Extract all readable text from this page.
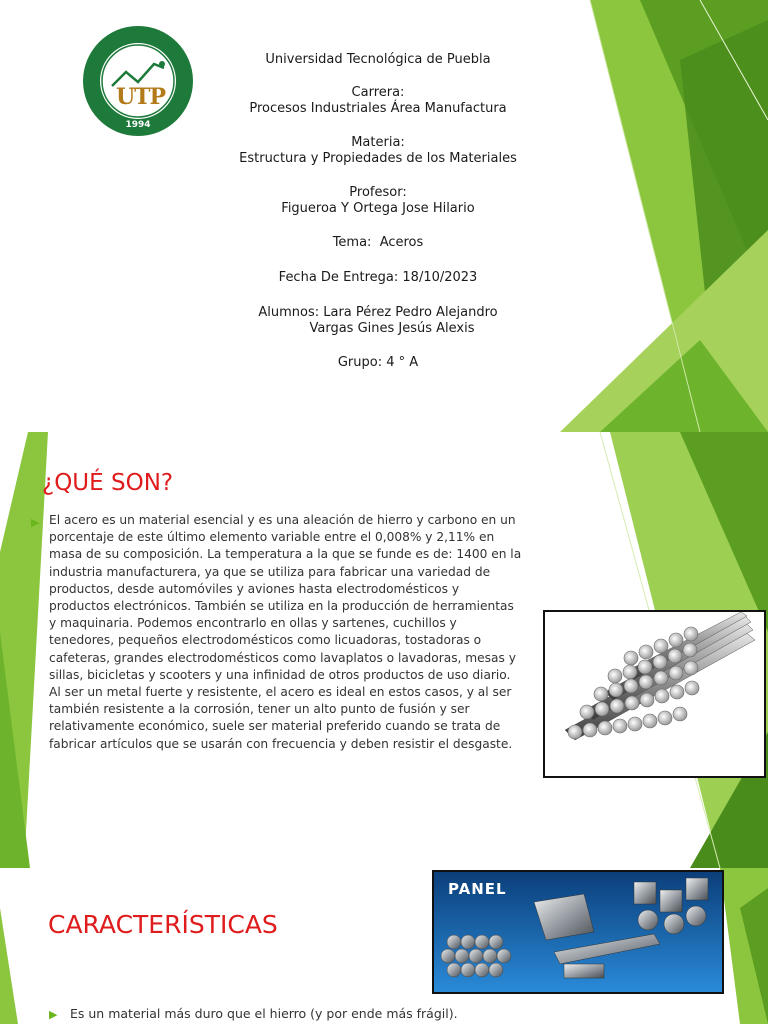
UTP
1994
Universidad Tecnológica de Puebla
Carrera:
Procesos Industriales Área Manufactura
Materia:
Estructura y Propiedades de los Materiales
Profesor:
Figueroa Y Ortega Jose Hilario
Tema:  Aceros
Fecha De Entrega: 18/10/2023
Alumnos: Lara Pérez Pedro Alejandro
Vargas Gines Jesús Alexis
Grupo: 4 ° A
¿QUÉ SON?
▶ El acero es un material esencial y es una aleación de hierro y carbono en un
porcentaje de este último elemento variable entre el 0,008% y 2,11% en
masa de su composición. La temperatura a la que se funde es de: 1400 en la
industria manufacturera, ya que se utiliza para fabricar una variedad de
productos, desde automóviles y aviones hasta electrodomésticos y
productos electrónicos. También se utiliza en la producción de herramientas
y maquinaria. Podemos encontrarlo en ollas y sartenes, cuchillos y
tenedores, pequeños electrodomésticos como licuadoras, tostadoras o
cafeteras, grandes electrodomésticos como lavaplatos o lavadoras, mesas y
sillas, bicicletas y scooters y una infinidad de otros productos de uso diario.
Al ser un metal fuerte y resistente, el acero es ideal en estos casos, y al ser
también resistente a la corrosión, tener un alto punto de fusión y ser
relativamente económico, suele ser material preferido cuando se trata de
fabricar artículos que se usarán con frecuencia y deben resistir el desgaste.
CARACTERÍSTICAS
PANEL
▶ Es un material más duro que el hierro (y por ende más frágil).
